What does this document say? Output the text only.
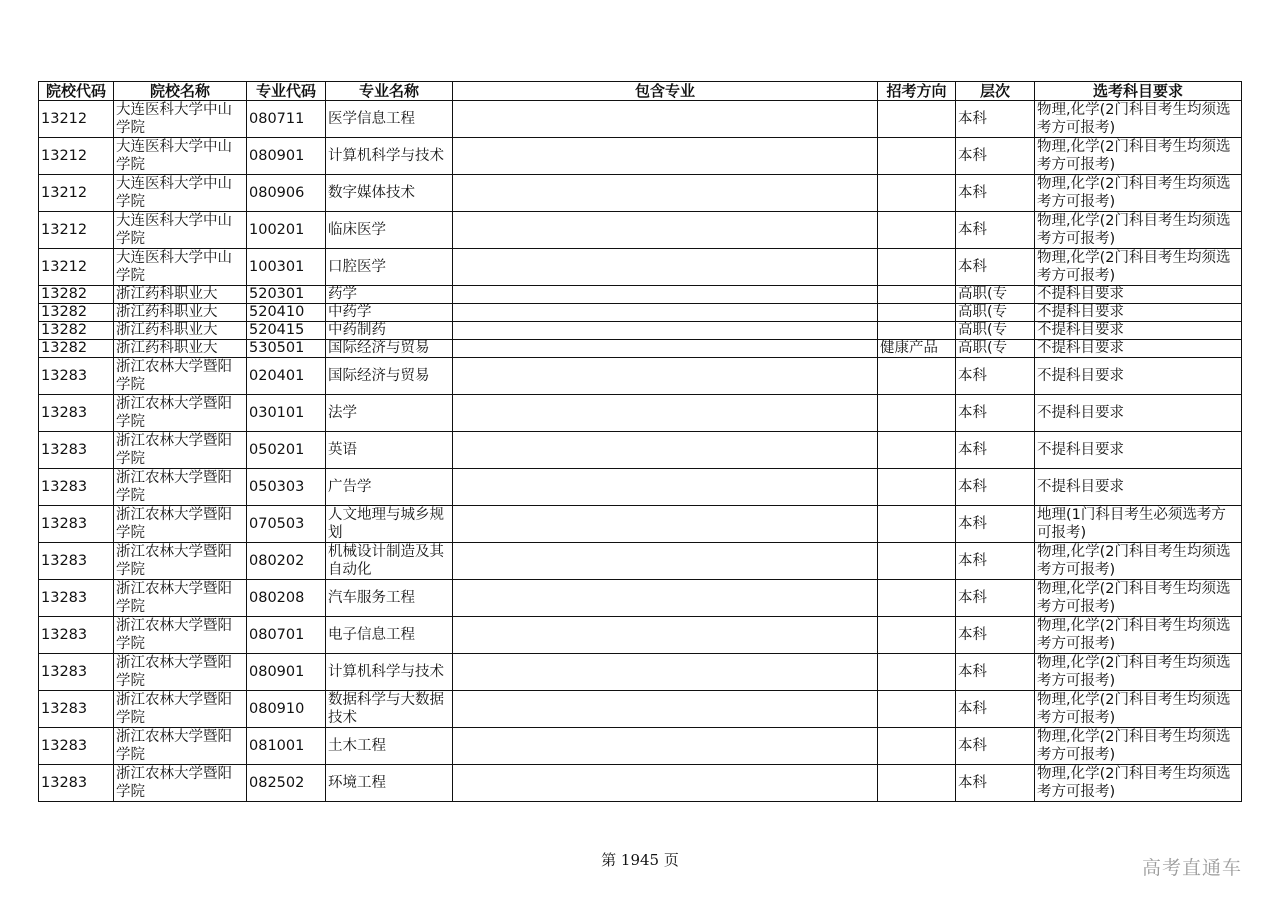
院校代码	院校名称	专业代码	专业名称	包含专业	招考方向	层次	选考科目要求
13212	大连医科大学中山学院	080711	医学信息工程			本科	物理,化学(2门科目考生均须选考方可报考)
13212	大连医科大学中山学院	080901	计算机科学与技术			本科	物理,化学(2门科目考生均须选考方可报考)
13212	大连医科大学中山学院	080906	数字媒体技术			本科	物理,化学(2门科目考生均须选考方可报考)
13212	大连医科大学中山学院	100201	临床医学			本科	物理,化学(2门科目考生均须选考方可报考)
13212	大连医科大学中山学院	100301	口腔医学			本科	物理,化学(2门科目考生均须选考方可报考)
13282	浙江药科职业大	520301	药学			高职(专	不提科目要求
13282	浙江药科职业大	520410	中药学			高职(专	不提科目要求
13282	浙江药科职业大	520415	中药制药			高职(专	不提科目要求
13282	浙江药科职业大	530501	国际经济与贸易		健康产品	高职(专	不提科目要求
13283	浙江农林大学暨阳学院	020401	国际经济与贸易			本科	不提科目要求
13283	浙江农林大学暨阳学院	030101	法学			本科	不提科目要求
13283	浙江农林大学暨阳学院	050201	英语			本科	不提科目要求
13283	浙江农林大学暨阳学院	050303	广告学			本科	不提科目要求
13283	浙江农林大学暨阳学院	070503	人文地理与城乡规划			本科	地理(1门科目考生必须选考方可报考)
13283	浙江农林大学暨阳学院	080202	机械设计制造及其自动化			本科	物理,化学(2门科目考生均须选考方可报考)
13283	浙江农林大学暨阳学院	080208	汽车服务工程			本科	物理,化学(2门科目考生均须选考方可报考)
13283	浙江农林大学暨阳学院	080701	电子信息工程			本科	物理,化学(2门科目考生均须选考方可报考)
13283	浙江农林大学暨阳学院	080901	计算机科学与技术			本科	物理,化学(2门科目考生均须选考方可报考)
13283	浙江农林大学暨阳学院	080910	数据科学与大数据技术			本科	物理,化学(2门科目考生均须选考方可报考)
13283	浙江农林大学暨阳学院	081001	土木工程			本科	物理,化学(2门科目考生均须选考方可报考)
13283	浙江农林大学暨阳学院	082502	环境工程			本科	物理,化学(2门科目考生均须选考方可报考)
第 1945 页	高考直通车
